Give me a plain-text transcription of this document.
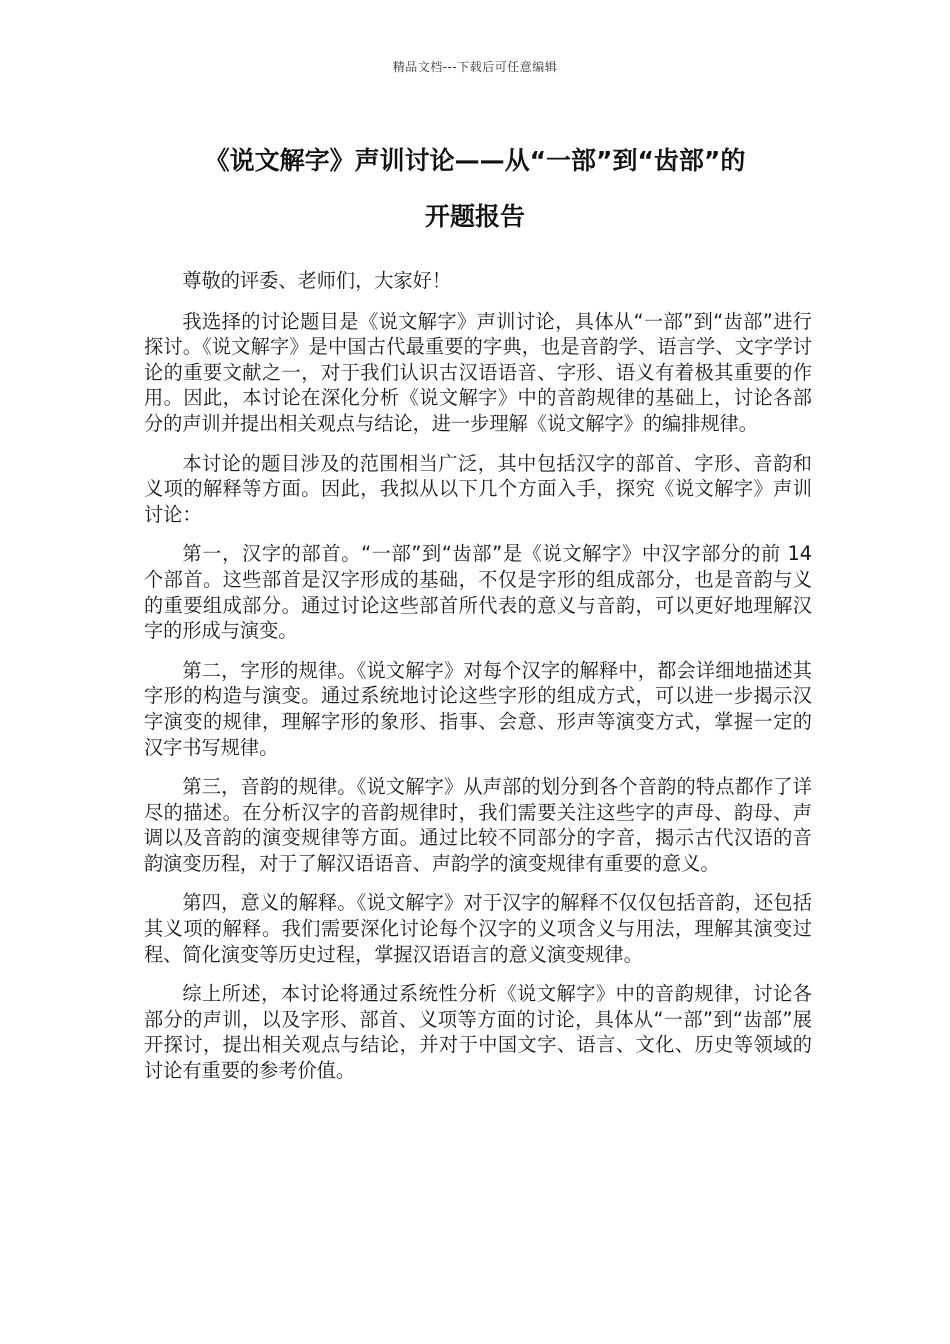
精品文档---下载后可任意编辑
《说文解字》声训讨论——从“一部”到“齿部”的
开题报告

尊敬的评委、老师们，大家好！

我选择的讨论题目是《说文解字》声训讨论，具体从“一部”到“齿部”进行探讨。《说文解字》是中国古代最重要的字典，也是音韵学、语言学、文字学讨论的重要文献之一，对于我们认识古汉语语音、字形、语义有着极其重要的作用。因此，本讨论在深化分析《说文解字》中的音韵规律的基础上，讨论各部分的声训并提出相关观点与结论，进一步理解《说文解字》的编排规律。

本讨论的题目涉及的范围相当广泛，其中包括汉字的部首、字形、音韵和义项的解释等方面。因此，我拟从以下几个方面入手，探究《说文解字》声训讨论：

第一，汉字的部首。“一部”到“齿部”是《说文解字》中汉字部分的前 14 个部首。这些部首是汉字形成的基础，不仅是字形的组成部分，也是音韵与义的重要组成部分。通过讨论这些部首所代表的意义与音韵，可以更好地理解汉字的形成与演变。

第二，字形的规律。《说文解字》对每个汉字的解释中，都会详细地描述其字形的构造与演变。通过系统地讨论这些字形的组成方式，可以进一步揭示汉字演变的规律，理解字形的象形、指事、会意、形声等演变方式，掌握一定的汉字书写规律。

第三，音韵的规律。《说文解字》从声部的划分到各个音韵的特点都作了详尽的描述。在分析汉字的音韵规律时，我们需要关注这些字的声母、韵母、声调以及音韵的演变规律等方面。通过比较不同部分的字音，揭示古代汉语的音韵演变历程，对于了解汉语语音、声韵学的演变规律有重要的意义。

第四，意义的解释。《说文解字》对于汉字的解释不仅仅包括音韵，还包括其义项的解释。我们需要深化讨论每个汉字的义项含义与用法，理解其演变过程、简化演变等历史过程，掌握汉语语言的意义演变规律。

综上所述，本讨论将通过系统性分析《说文解字》中的音韵规律，讨论各部分的声训，以及字形、部首、义项等方面的讨论，具体从“一部”到“齿部”展开探讨，提出相关观点与结论，并对于中国文字、语言、文化、历史等领域的讨论有重要的参考价值。
